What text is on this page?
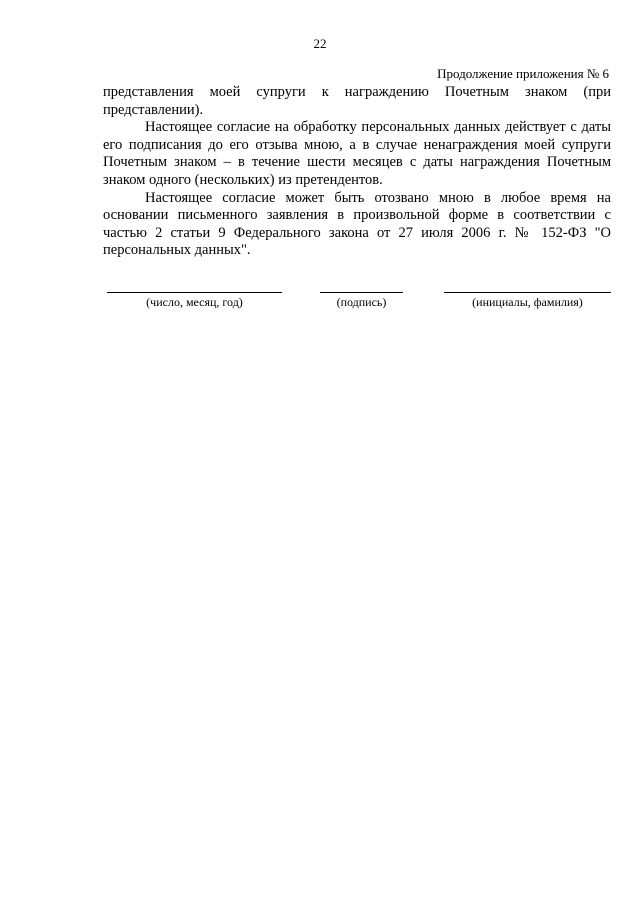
22
Продолжение приложения № 6

представления моей супруги к награждению Почетным знаком (при представлении).

Настоящее согласие на обработку персональных данных действует с даты его подписания до его отзыва мною, а в случае ненаграждения моей супруги Почетным знаком – в течение шести месяцев с даты награждения Почетным знаком одного (нескольких) из претендентов.

Настоящее согласие может быть отозвано мною в любое время на основании письменного заявления в произвольной форме в соответствии с частью 2 статьи 9 Федерального закона от 27 июля 2006 г. № 152-ФЗ "О персональных данных".

(число, месяц, год)	(подпись)	(инициалы, фамилия)
